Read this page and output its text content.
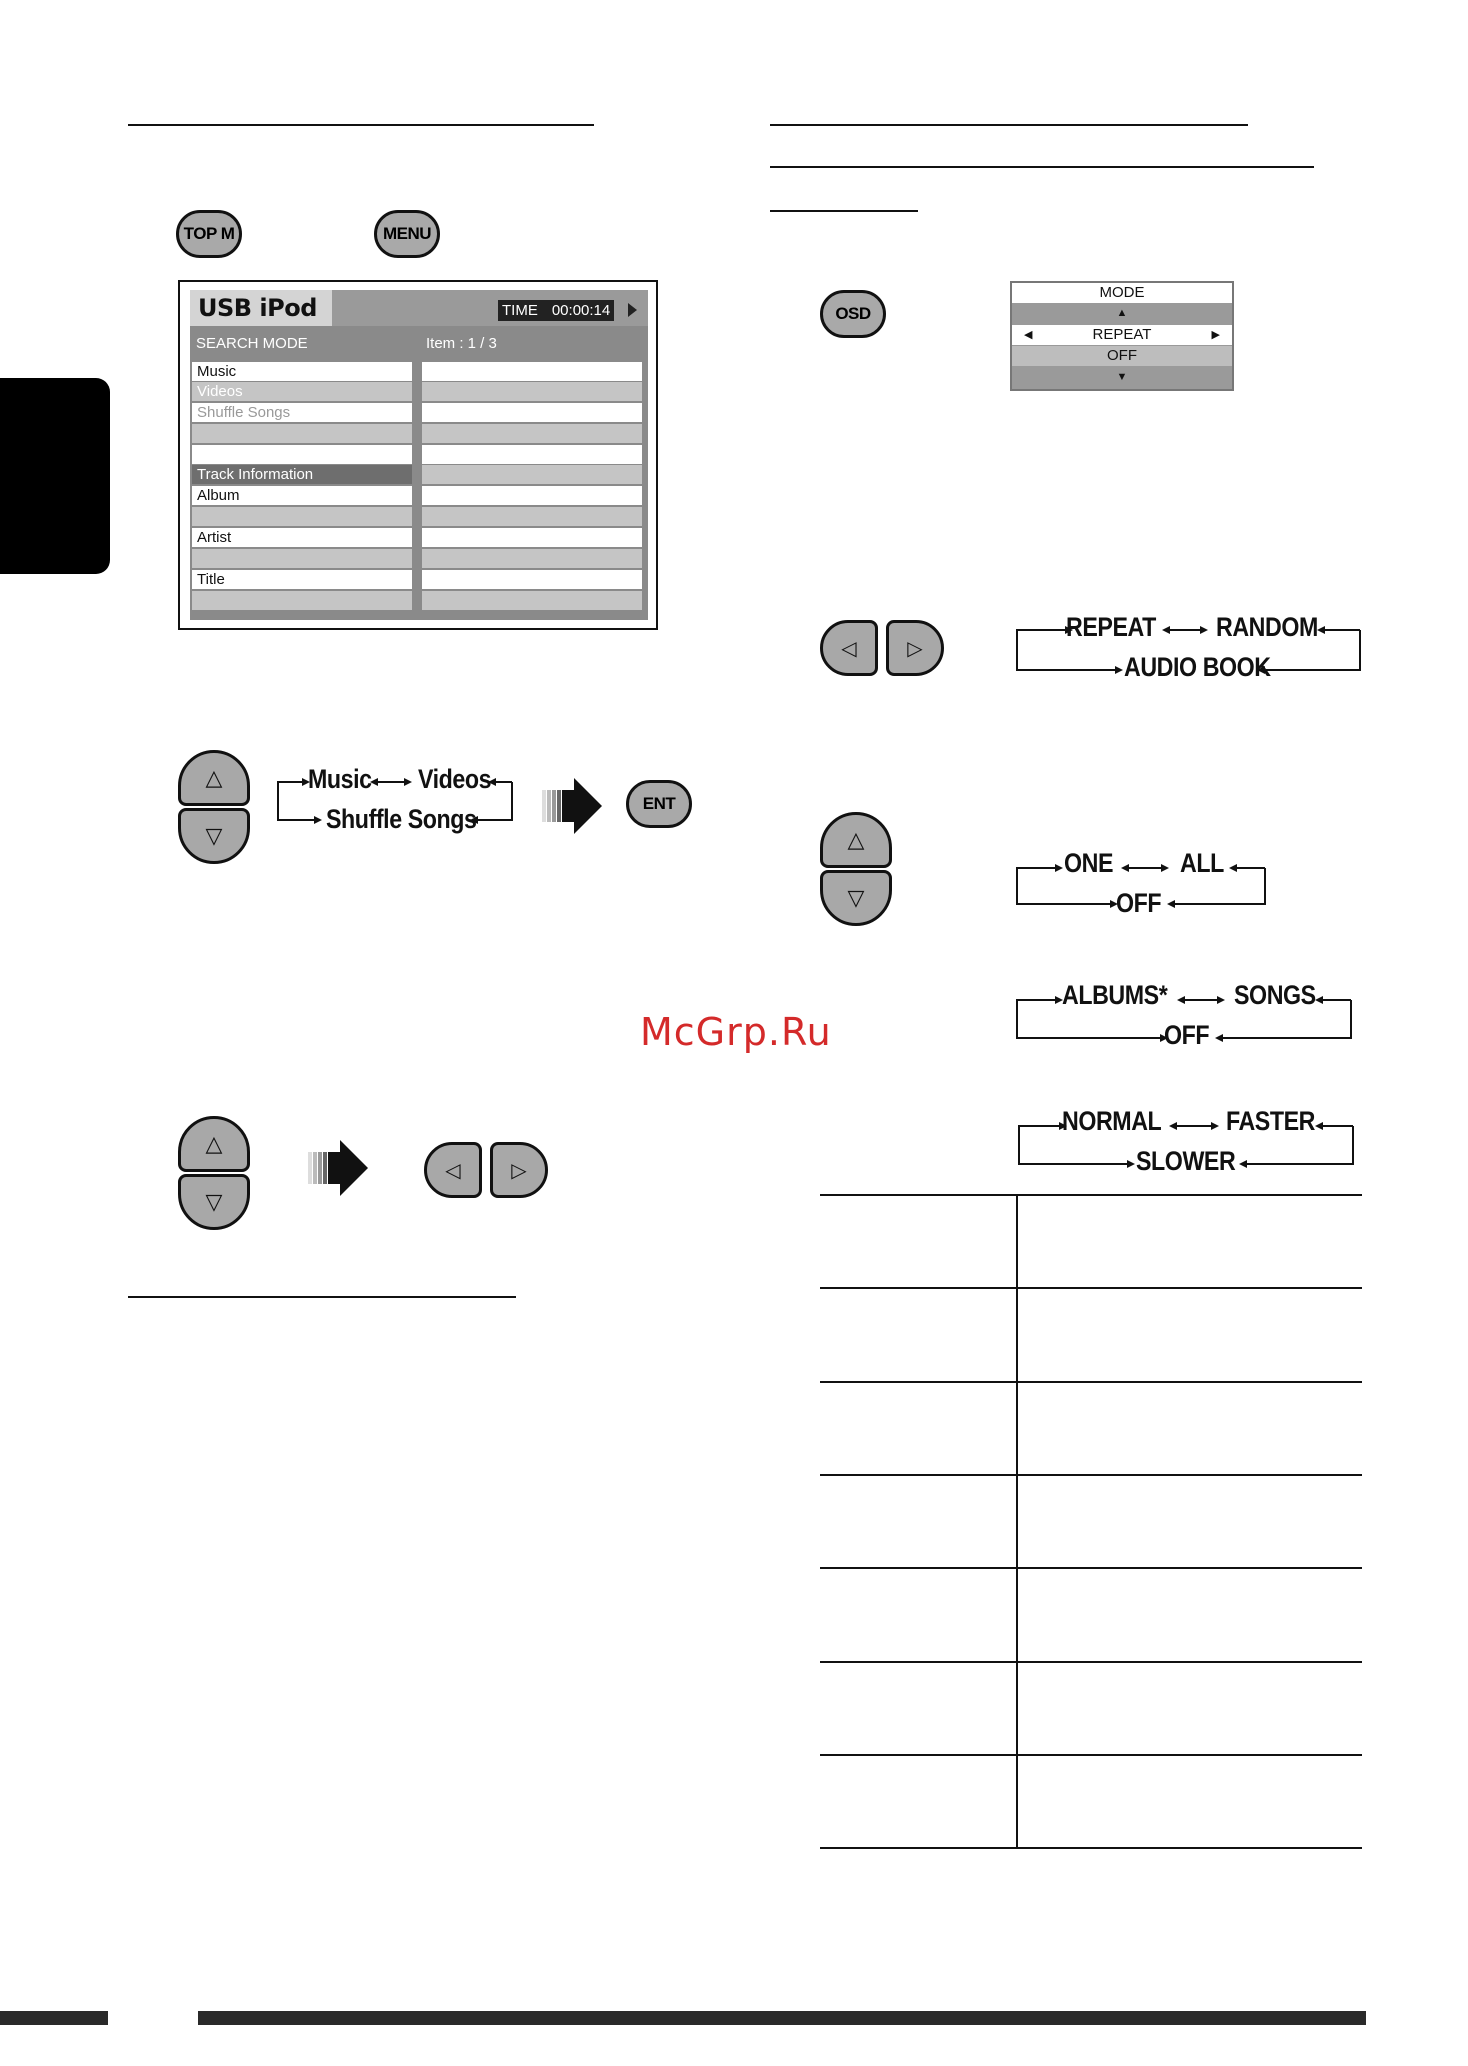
TOP M	MENU
USB iPod	TIME 00:00:14
SEARCH MODE	Item : 1 / 3
Music
Videos
Shuffle Songs
Track Information
Album
Artist
Title
OSD
MODE
▲
◀	REPEAT	▶
OFF
▼
◁	▷
REPEAT RANDOM
AUDIO BOOK
△
▽
ONE ALL
OFF
ALBUMS* SONGS
OFF
NORMAL FASTER
SLOWER
△
▽
Music Videos
Shuffle Songs
ENT
McGrp.Ru
△
▽
◁	▷
